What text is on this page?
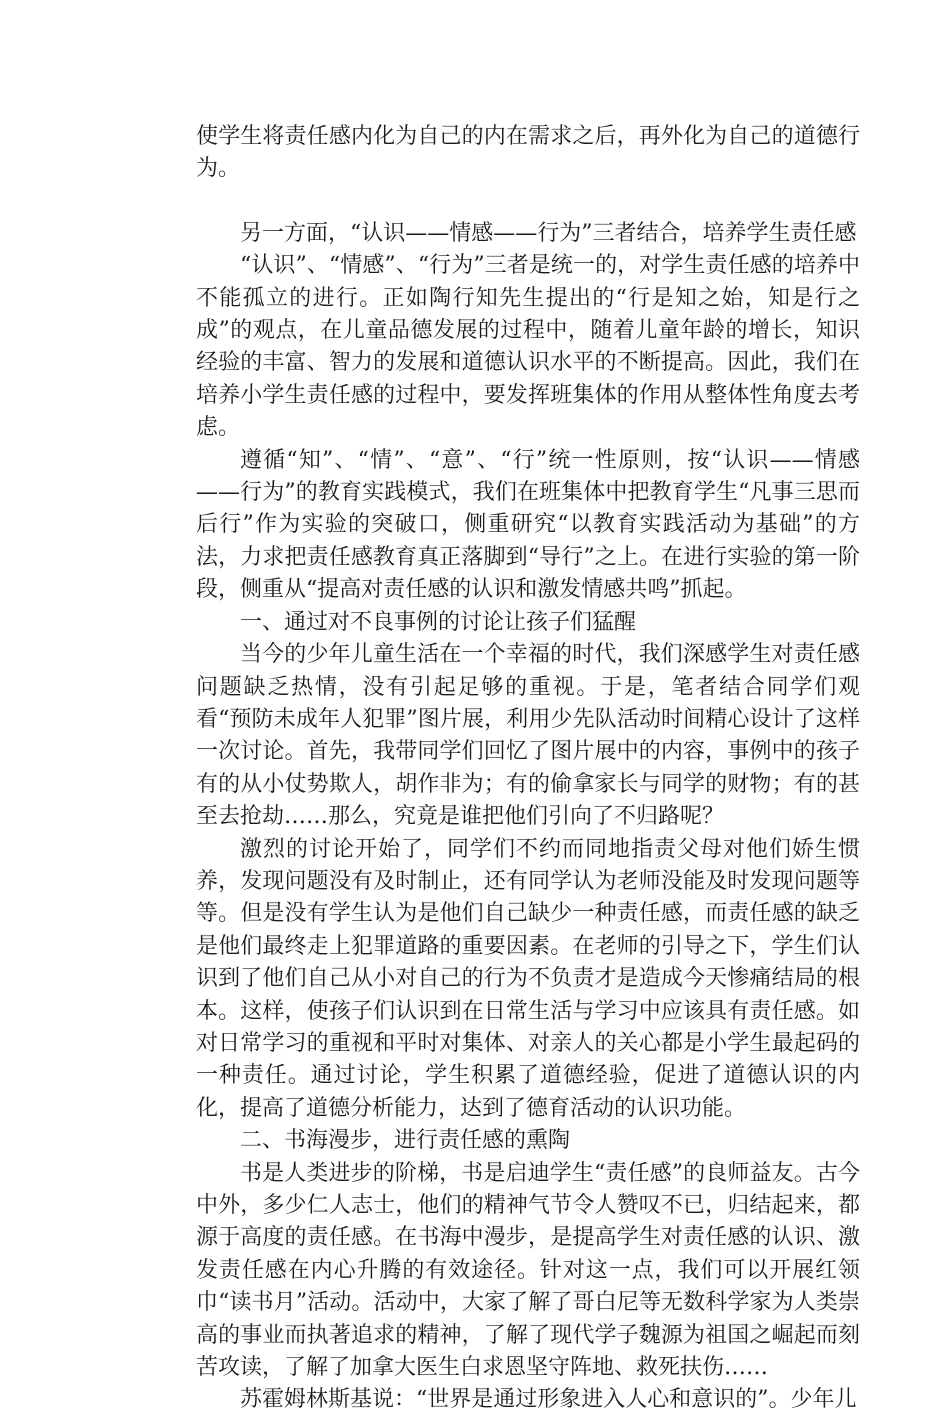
使学生将责任感内化为自己的内在需求之后，再外化为自己的道德行为。

另一方面，“认识——情感——行为”三者结合，培养学生责任感

“认识”、“情感”、“行为”三者是统一的，对学生责任感的培养中不能孤立的进行。正如陶行知先生提出的“行是知之始，知是行之成”的观点，在儿童品德发展的过程中，随着儿童年龄的增长，知识经验的丰富、智力的发展和道德认识水平的不断提高。因此，我们在培养小学生责任感的过程中，要发挥班集体的作用从整体性角度去考虑。

遵循“知”、“情”、“意”、“行”统一性原则，按“认识——情感——行为”的教育实践模式，我们在班集体中把教育学生“凡事三思而后行”作为实验的突破口，侧重研究“以教育实践活动为基础”的方法，力求把责任感教育真正落脚到“导行”之上。在进行实验的第一阶段，侧重从“提高对责任感的认识和激发情感共鸣”抓起。

一、通过对不良事例的讨论让孩子们猛醒

当今的少年儿童生活在一个幸福的时代，我们深感学生对责任感问题缺乏热情，没有引起足够的重视。于是，笔者结合同学们观看“预防未成年人犯罪”图片展，利用少先队活动时间精心设计了这样一次讨论。首先，我带同学们回忆了图片展中的内容，事例中的孩子有的从小仗势欺人，胡作非为；有的偷拿家长与同学的财物；有的甚至去抢劫……那么，究竟是谁把他们引向了不归路呢？

激烈的讨论开始了，同学们不约而同地指责父母对他们娇生惯养，发现问题没有及时制止，还有同学认为老师没能及时发现问题等等。但是没有学生认为是他们自己缺少一种责任感，而责任感的缺乏是他们最终走上犯罪道路的重要因素。在老师的引导之下，学生们认识到了他们自己从小对自己的行为不负责才是造成今天惨痛结局的根本。这样，使孩子们认识到在日常生活与学习中应该具有责任感。如对日常学习的重视和平时对集体、对亲人的关心都是小学生最起码的一种责任。通过讨论，学生积累了道德经验，促进了道德认识的内化，提高了道德分析能力，达到了德育活动的认识功能。

二、书海漫步，进行责任感的熏陶

书是人类进步的阶梯，书是启迪学生“责任感”的良师益友。古今中外，多少仁人志士，他们的精神气节令人赞叹不已，归结起来，都源于高度的责任感。在书海中漫步，是提高学生对责任感的认识、激发责任感在内心升腾的有效途径。针对这一点，我们可以开展红领巾“读书月”活动。活动中，大家了解了哥白尼等无数科学家为人类崇高的事业而执著追求的精神，了解了现代学子魏源为祖国之崛起而刻苦攻读，了解了加拿大医生白求恩坚守阵地、救死扶伤……

苏霍姆林斯基说：“世界是通过形象进入人心和意识的”。少年儿
